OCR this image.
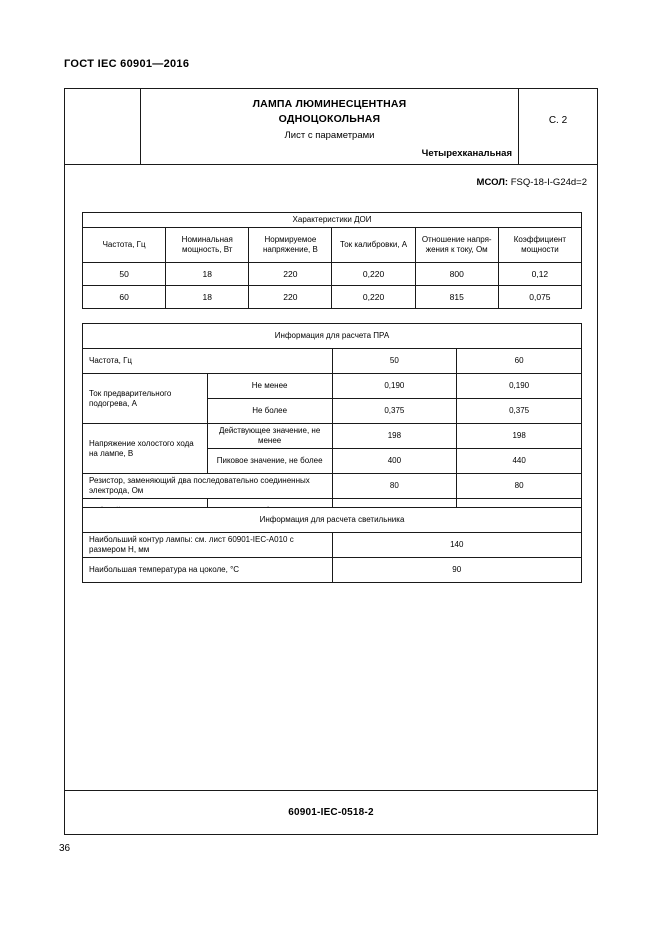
ГОСТ IEC 60901—2016
ЛАМПА ЛЮМИНЕСЦЕНТНАЯ
ОДНОЦОКОЛЬНАЯ
Лист с параметрами
Четырехканальная
С. 2
МСОЛ: FSQ-18-I-G24d=2
Характеристики ДОИ					
Частота, Гц	Номинальная мощность, Вт	Нормируемое напряжение, В	Ток калибровки, А	Отношение напря- жения к току, Ом	Коэффициент мощности
50	18	220	0,220	800	0,12
60	18	220	0,220	815	0,075
Информация для расчета ПРА			
Частота, Гц		50	60
Ток предварительного подогрева, А	Не менее	0,190	0,190
	Не более	0,375	0,375
Напряжение холостого хода на лампе, В	Действующее значение, не менее	198	198
	Пиковое значение, не более	400	440
Резистор, заменяющий два последовательно соединенных электрода, Ом		80	80

Информация для расчета светильника	
Наибольший контур лампы: см. лист 60901-IEC-A010 с размером H, мм	140
Наибольшая температура на цоколе, °C	90
60901-IEC-0518-2
36
